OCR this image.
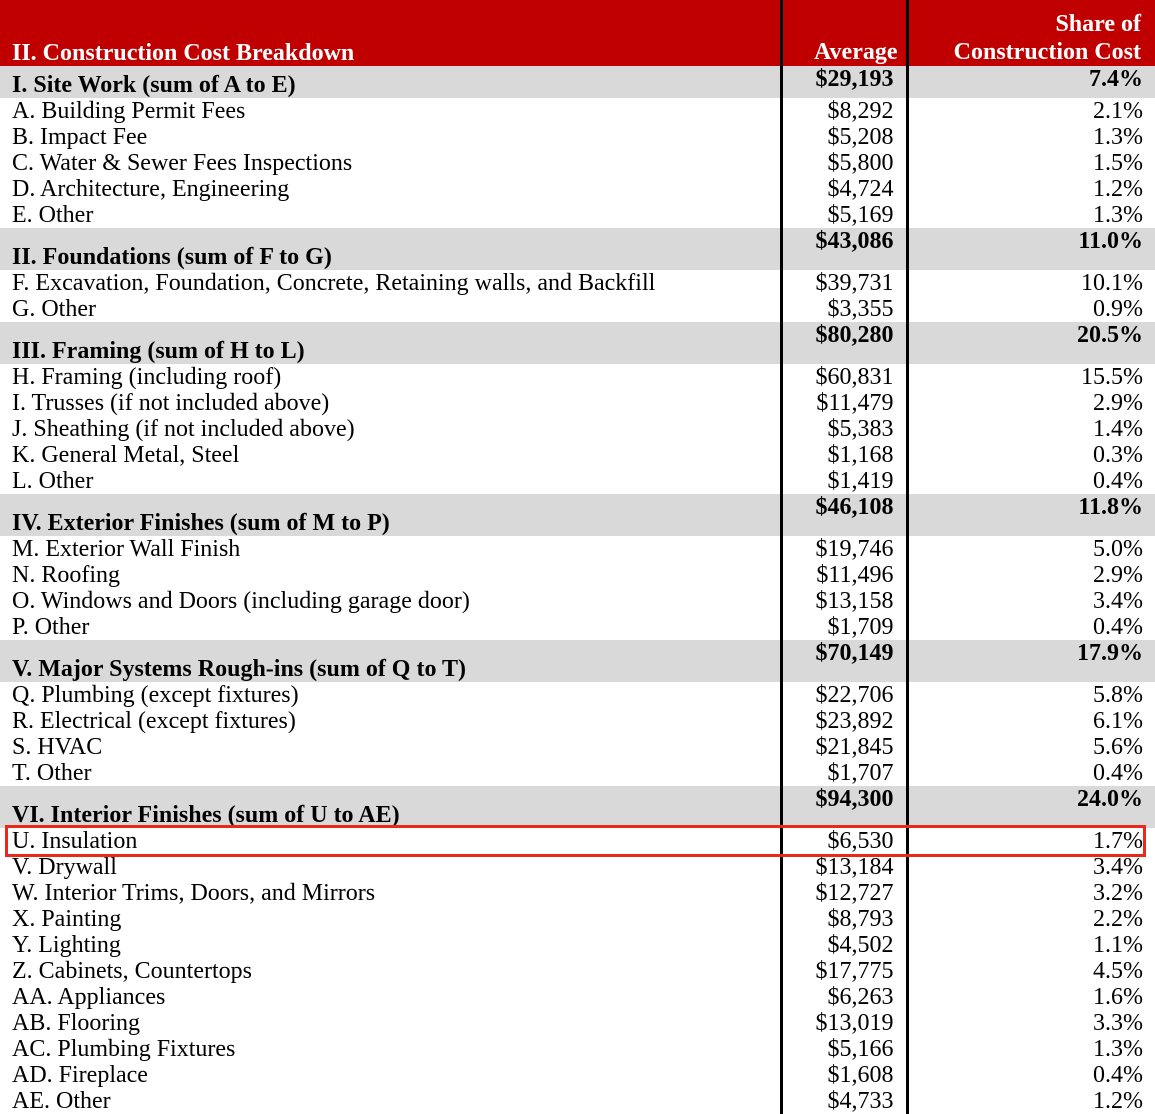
II. Construction Cost Breakdown	Average	Share of
Construction Cost

I. Site Work (sum of A to E)	$29,193	7.4%
A. Building Permit Fees	$8,292	2.1%
B. Impact Fee	$5,208	1.3%
C. Water & Sewer Fees Inspections	$5,800	1.5%
D. Architecture, Engineering	$4,724	1.2%
E. Other	$5,169	1.3%
II. Foundations (sum of F to G)	$43,086	11.0%
F. Excavation, Foundation, Concrete, Retaining walls, and Backfill	$39,731	10.1%
G. Other	$3,355	0.9%
III. Framing (sum of H to L)	$80,280	20.5%
H. Framing (including roof)	$60,831	15.5%
I. Trusses (if not included above)	$11,479	2.9%
J. Sheathing (if not included above)	$5,383	1.4%
K. General Metal, Steel	$1,168	0.3%
L. Other	$1,419	0.4%
IV. Exterior Finishes (sum of M to P)	$46,108	11.8%
M. Exterior Wall Finish	$19,746	5.0%
N. Roofing	$11,496	2.9%
O. Windows and Doors (including garage door)	$13,158	3.4%
P. Other	$1,709	0.4%
V. Major Systems Rough-ins (sum of Q to T)	$70,149	17.9%
Q. Plumbing (except fixtures)	$22,706	5.8%
R. Electrical (except fixtures)	$23,892	6.1%
S. HVAC	$21,845	5.6%
T. Other	$1,707	0.4%
VI. Interior Finishes (sum of U to AE)	$94,300	24.0%
U. Insulation	$6,530	1.7%
V. Drywall	$13,184	3.4%
W. Interior Trims, Doors, and Mirrors	$12,727	3.2%
X. Painting	$8,793	2.2%
Y. Lighting	$4,502	1.1%
Z. Cabinets, Countertops	$17,775	4.5%
AA. Appliances	$6,263	1.6%
AB. Flooring	$13,019	3.3%
AC. Plumbing Fixtures	$5,166	1.3%
AD. Fireplace	$1,608	0.4%
AE. Other	$4,733	1.2%
